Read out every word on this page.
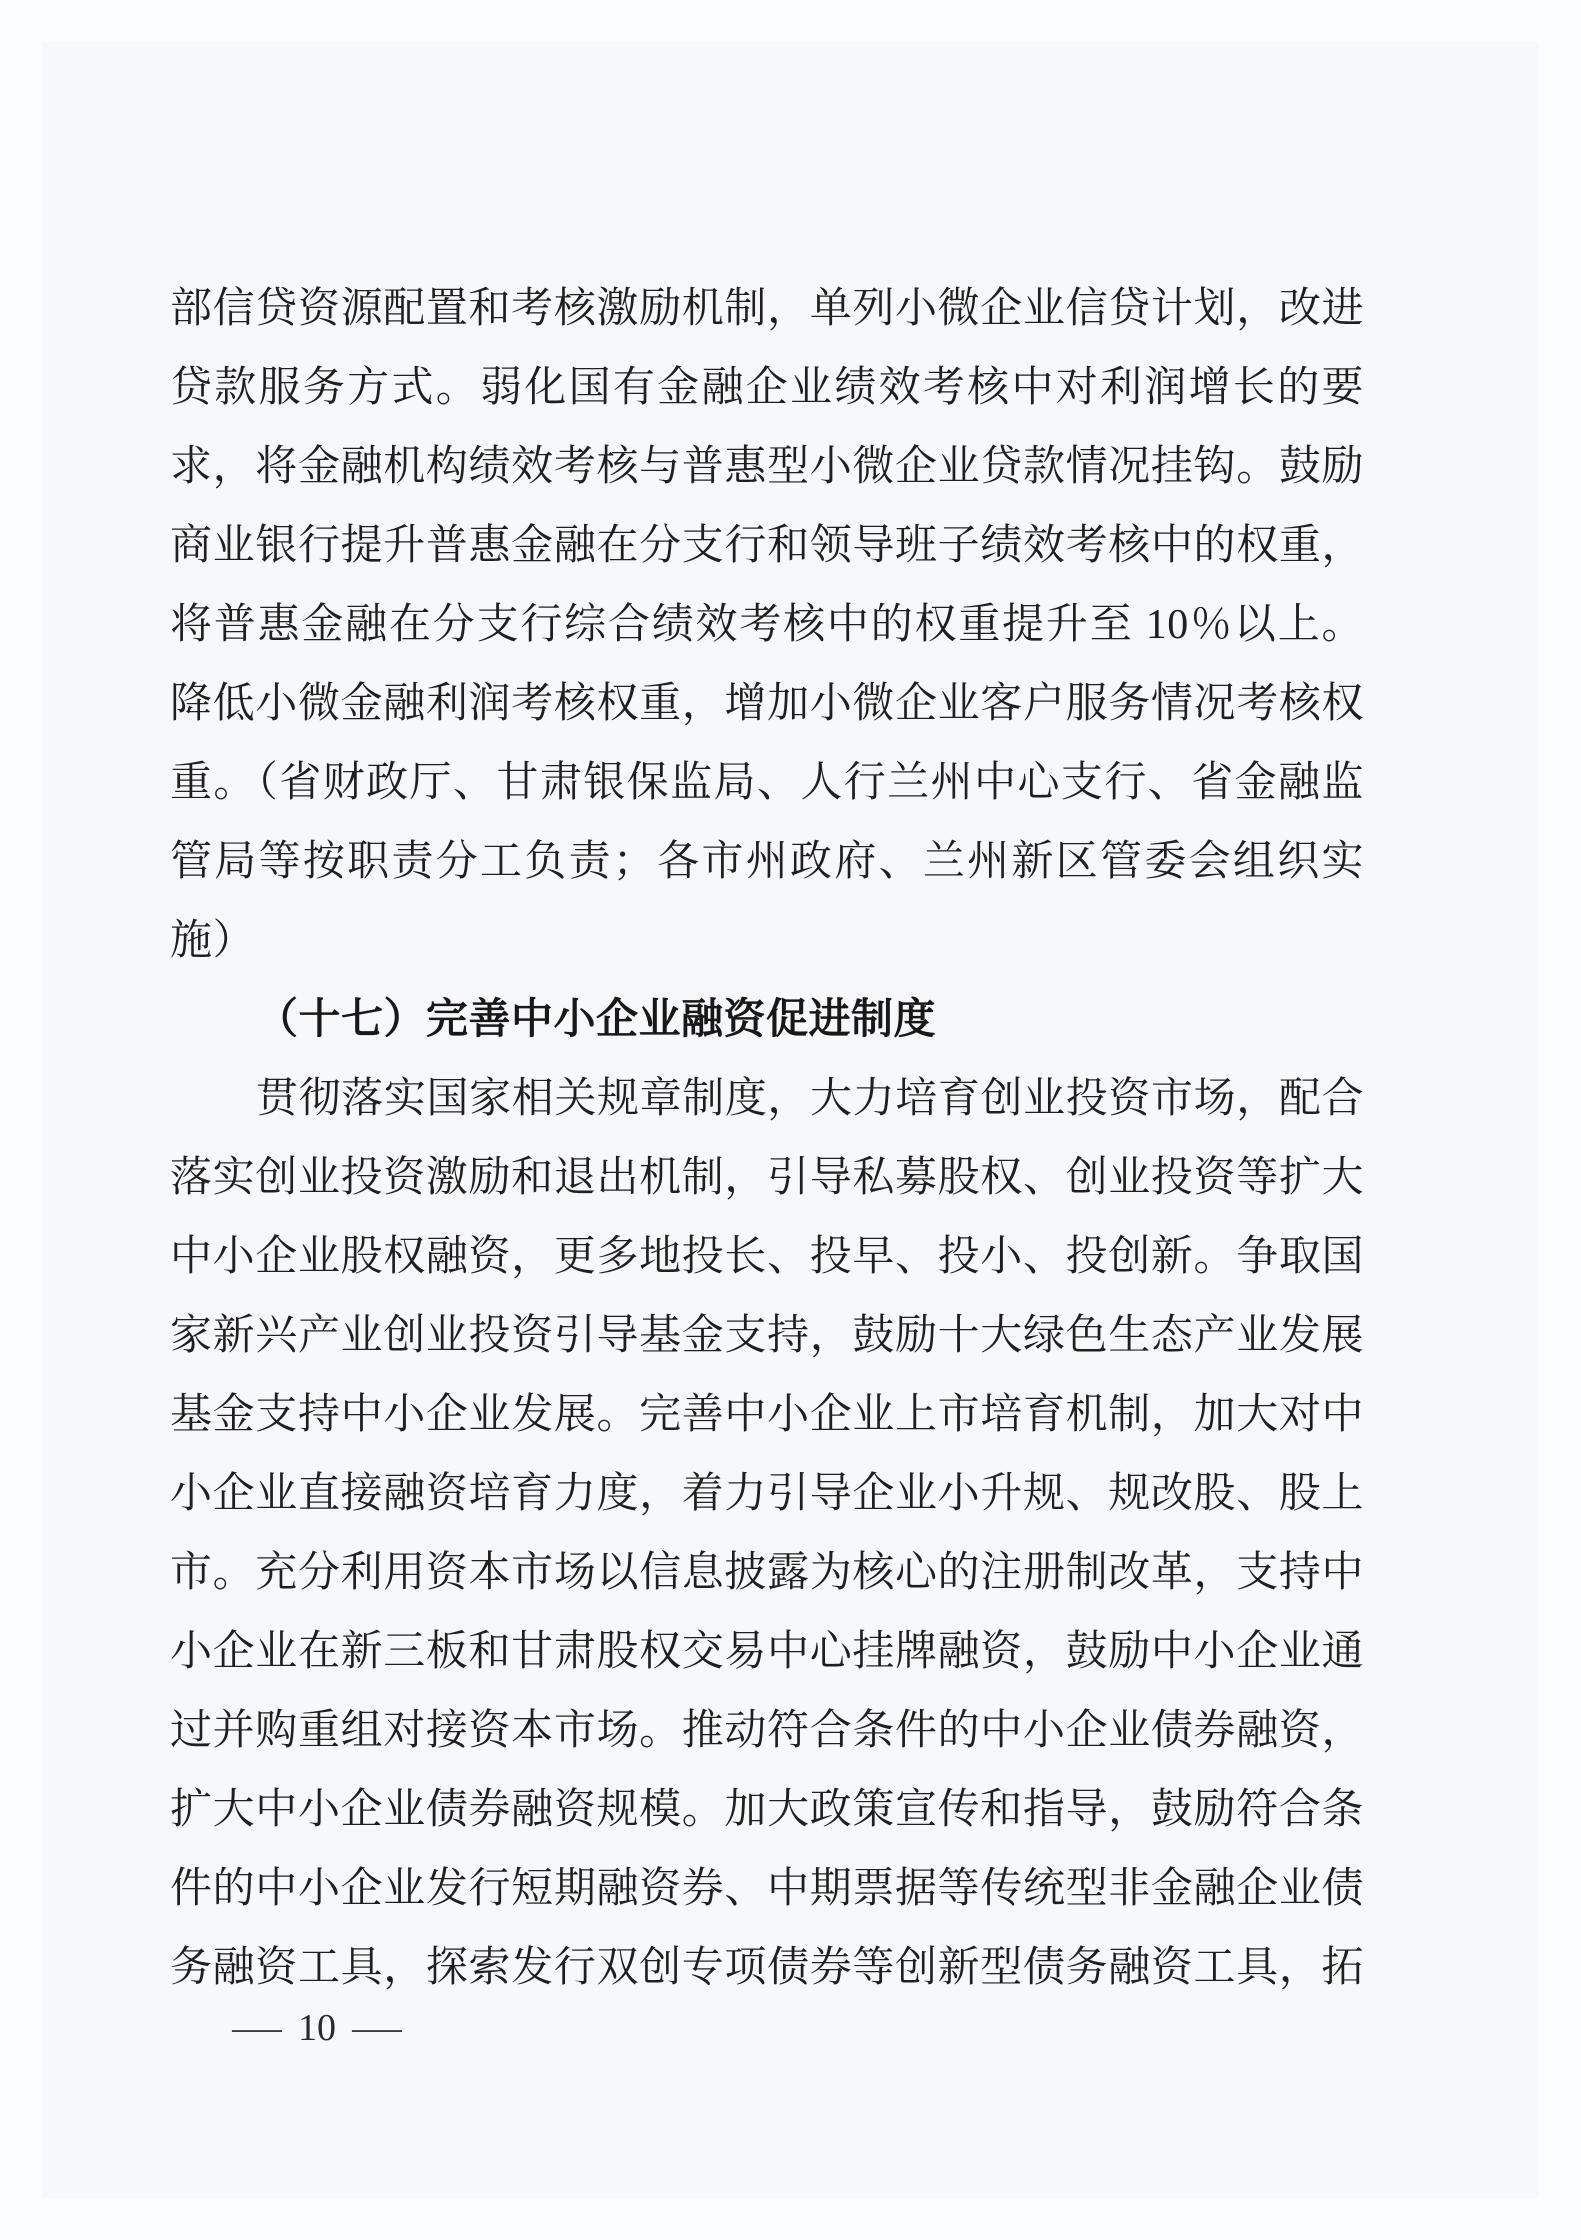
部信贷资源配置和考核激励机制，单列小微企业信贷计划，改进
贷款服务方式。弱化国有金融企业绩效考核中对利润增长的要
求，将金融机构绩效考核与普惠型小微企业贷款情况挂钩。鼓励
商业银行提升普惠金融在分支行和领导班子绩效考核中的权重，
将普惠金融在分支行综合绩效考核中的权重提升至 10％以上。
降低小微金融利润考核权重，增加小微企业客户服务情况考核权
重。（省财政厅、甘肃银保监局、人行兰州中心支行、省金融监
管局等按职责分工负责；各市州政府、兰州新区管委会组织实
施）
（十七）完善中小企业融资促进制度
贯彻落实国家相关规章制度，大力培育创业投资市场，配合
落实创业投资激励和退出机制，引导私募股权、创业投资等扩大
中小企业股权融资，更多地投长、投早、投小、投创新。争取国
家新兴产业创业投资引导基金支持，鼓励十大绿色生态产业发展
基金支持中小企业发展。完善中小企业上市培育机制，加大对中
小企业直接融资培育力度，着力引导企业小升规、规改股、股上
市。充分利用资本市场以信息披露为核心的注册制改革，支持中
小企业在新三板和甘肃股权交易中心挂牌融资，鼓励中小企业通
过并购重组对接资本市场。推动符合条件的中小企业债券融资，
扩大中小企业债券融资规模。加大政策宣传和指导，鼓励符合条
件的中小企业发行短期融资券、中期票据等传统型非金融企业债
务融资工具，探索发行双创专项债券等创新型债务融资工具，拓
— 10 —
